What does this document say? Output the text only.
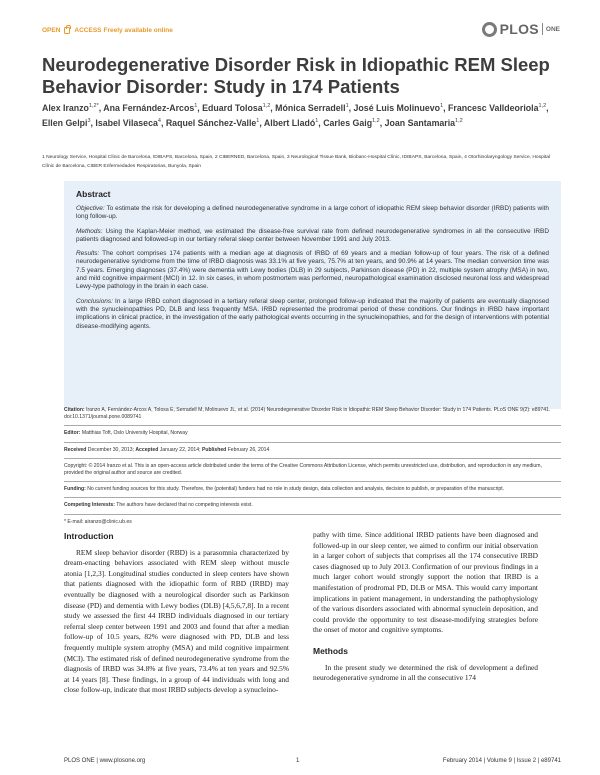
OPEN ACCESS Freely available online	PLOS ONE
Neurodegenerative Disorder Risk in Idiopathic REM Sleep Behavior Disorder: Study in 174 Patients
Alex Iranzo$^{1,2*}$, Ana Fernández-Arcos$^1$, Eduard Tolosa$^{1,2}$, Mónica Serradell$^1$, José Luis Molinuevo$^1$, Francesc Valldeoriola$^{1,2}$, Ellen Gelpi$^3$, Isabel Vilaseca$^4$, Raquel Sánchez-Valle$^1$, Albert Lladó$^1$, Carles Gaig$^{1,2}$, Joan Santamaria$^{1,2}$
1 Neurology Service, Hospital Clínic de Barcelona, IDIBAPS, Barcelona, Spain, 2 CIBERNED, Barcelona, Spain, 3 Neurological Tissue Bank, Biobanc-Hospital Clínic, IDIBAPS, Barcelona, Spain, 4 Otorhinolaryngology Service, Hospital Clínic de Barcelona, CIBER Enfermedades Respiratorias, Bunyola, Spain
Abstract

Objective: To estimate the risk for developing a defined neurodegenerative syndrome in a large cohort of idiopathic REM sleep behavior disorder (IRBD) patients with long follow-up.

Methods: Using the Kaplan-Meier method, we estimated the disease-free survival rate from defined neurodegenerative syndromes in all the consecutive IRBD patients diagnosed and followed-up in our tertiary referal sleep center between November 1991 and July 2013.

Results: The cohort comprises 174 patients with a median age at diagnosis of IRBD of 69 years and a median follow-up of four years. The risk of a defined neurodegenerative syndrome from the time of IRBD diagnosis was 33.1% at five years, 75.7% at ten years, and 90.9% at 14 years. The median conversion time was 7.5 years. Emerging diagnoses (37.4%) were dementia with Lewy bodies (DLB) in 29 subjects, Parkinson disease (PD) in 22, multiple system atrophy (MSA) in two, and mild cognitive impairment (MCI) in 12. In six cases, in whom postmortem was performed, neuropathological examination disclosed neuronal loss and widespread Lewy-type pathology in the brain in each case.

Conclusions: In a large IRBD cohort diagnosed in a tertiary referal sleep center, prolonged follow-up indicated that the majority of patients are eventually diagnosed with the synucleinopathies PD, DLB and less frequently MSA. IRBD represented the prodromal period of these conditions. Our findings in IRBD have important implications in clinical practice, in the investigation of the early pathological events occurring in the synucleinopathies, and for the design of interventions with potential disease-modifying agents.

Citation: Iranzo A, Fernández-Arcos A, Tolosa E, Serradell M, Molinuevo JL, et al. (2014) Neurodegenerative Disorder Risk in Idiopathic REM Sleep Behavior Disorder: Study in 174 Patients. PLoS ONE 9(2): e89741. doi:10.1371/journal.pone.0089741
Editor: Matthias Toft, Oslo University Hospital, Norway
Received December 30, 2013; Accepted January 22, 2014; Published February 26, 2014
Copyright: © 2014 Iranzo et al. This is an open-access article distributed under the terms of the Creative Commons Attribution License, which permits unrestricted use, distribution, and reproduction in any medium, provided the original author and source are credited.
Funding: No current funding sources for this study. Therefore, the (potential) funders had no role in study design, data collection and analysis, decision to publish, or preparation of the manuscript.
Competing Interests: The authors have declared that no competing interests exist.
* E-mail: airanzo@clinic.ub.es
Introduction

REM sleep behavior disorder (RBD) is a parasomnia characterized by dream-enacting behaviors associated with REM sleep without muscle atonia [1,2,3]. Longitudinal studies conducted in sleep centers have shown that patients diagnosed with the idiopathic form of RBD (IRBD) may eventually be diagnosed with a neurological disorder such as Parkinson disease (PD) and dementia with Lewy bodies (DLB) [4,5,6,7,8]. In a recent study we assessed the first 44 IRBD individuals diagnosed in our tertiary referral sleep center between 1991 and 2003 and found that after a median follow-up of 10.5 years, 82% were diagnosed with PD, DLB and less frequently multiple system atrophy (MSA) and mild cognitive impairment (MCI). The estimated risk of defined neurodegenerative syndrome from the diagnosis of IRBD was 34.8% at five years, 73.4% at ten years and 92.5% at 14 years [8]. These findings, in a group of 44 individuals with long and close follow-up, indicate that most IRBD subjects develop a synucleino-

pathy with time. Since additional IRBD patients have been diagnosed and followed-up in our sleep center, we aimed to confirm our initial observation in a larger cohort of subjects that comprises all the 174 consecutive IRBD cases diagnosed up to July 2013. Confirmation of our previous findings in a much larger cohort would strongly support the notion that IRBD is a manifestation of prodromal PD, DLB or MSA. This would carry important implications in patient management, in understanding the pathophysiology of the various disorders associated with abnormal synuclein deposition, and could provide the opportunity to test disease-modifying strategies before the onset of motor and cognitive symptoms.

Methods

In the present study we determined the risk of development a defined neurodegenerative syndrome in all the consecutive 174

PLOS ONE | www.plosone.org	1	February 2014 | Volume 9 | Issue 2 | e89741
